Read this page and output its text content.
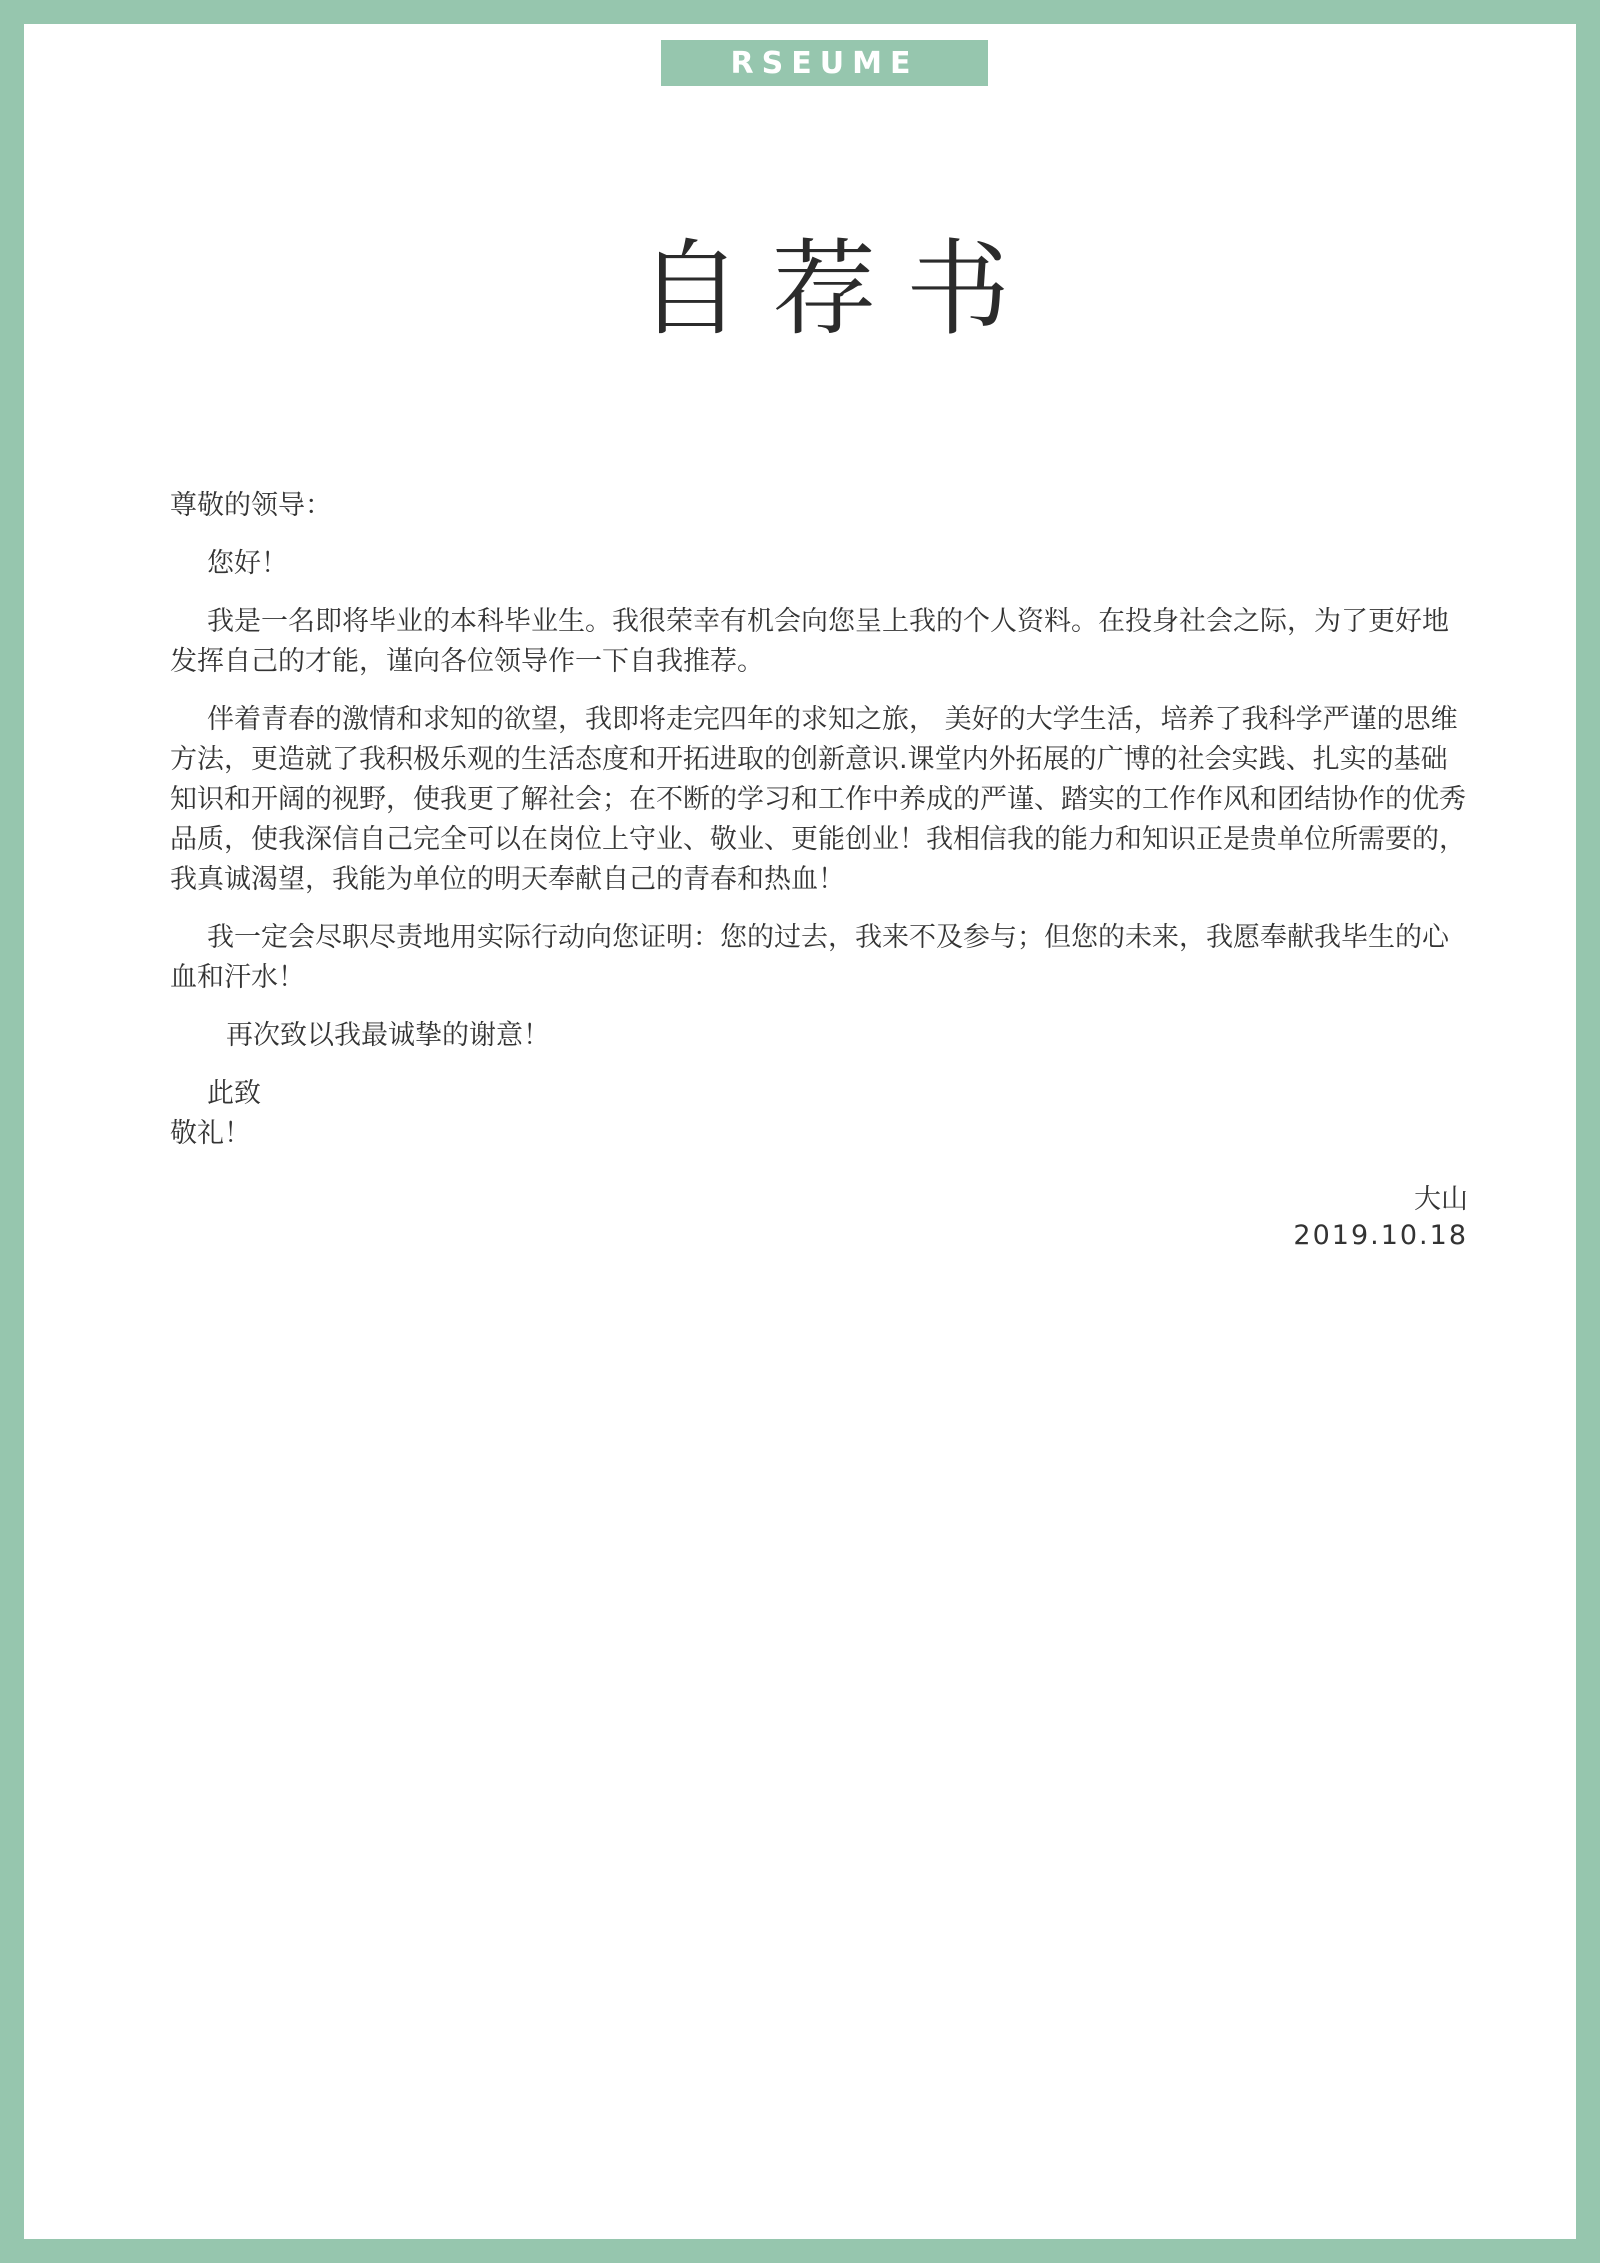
RSEUME
自荐书

尊敬的领导：

您好！

我是一名即将毕业的本科毕业生。我很荣幸有机会向您呈上我的个人资料。在投身社会之际，为了更好地发挥自己的才能，谨向各位领导作一下自我推荐。

伴着青春的激情和求知的欲望，我即将走完四年的求知之旅， 美好的大学生活，培养了我科学严谨的思维方法，更造就了我积极乐观的生活态度和开拓进取的创新意识.课堂内外拓展的广博的社会实践、扎实的基础知识和开阔的视野，使我更了解社会；在不断的学习和工作中养成的严谨、踏实的工作作风和团结协作的优秀品质，使我深信自己完全可以在岗位上守业、敬业、更能创业！我相信我的能力和知识正是贵单位所需要的，我真诚渴望，我能为单位的明天奉献自己的青春和热血！

我一定会尽职尽责地用实际行动向您证明：您的过去，我来不及参与；但您的未来，我愿奉献我毕生的心血和汗水！

再次致以我最诚挚的谢意！

此致

敬礼！

大山
2019.10.18
